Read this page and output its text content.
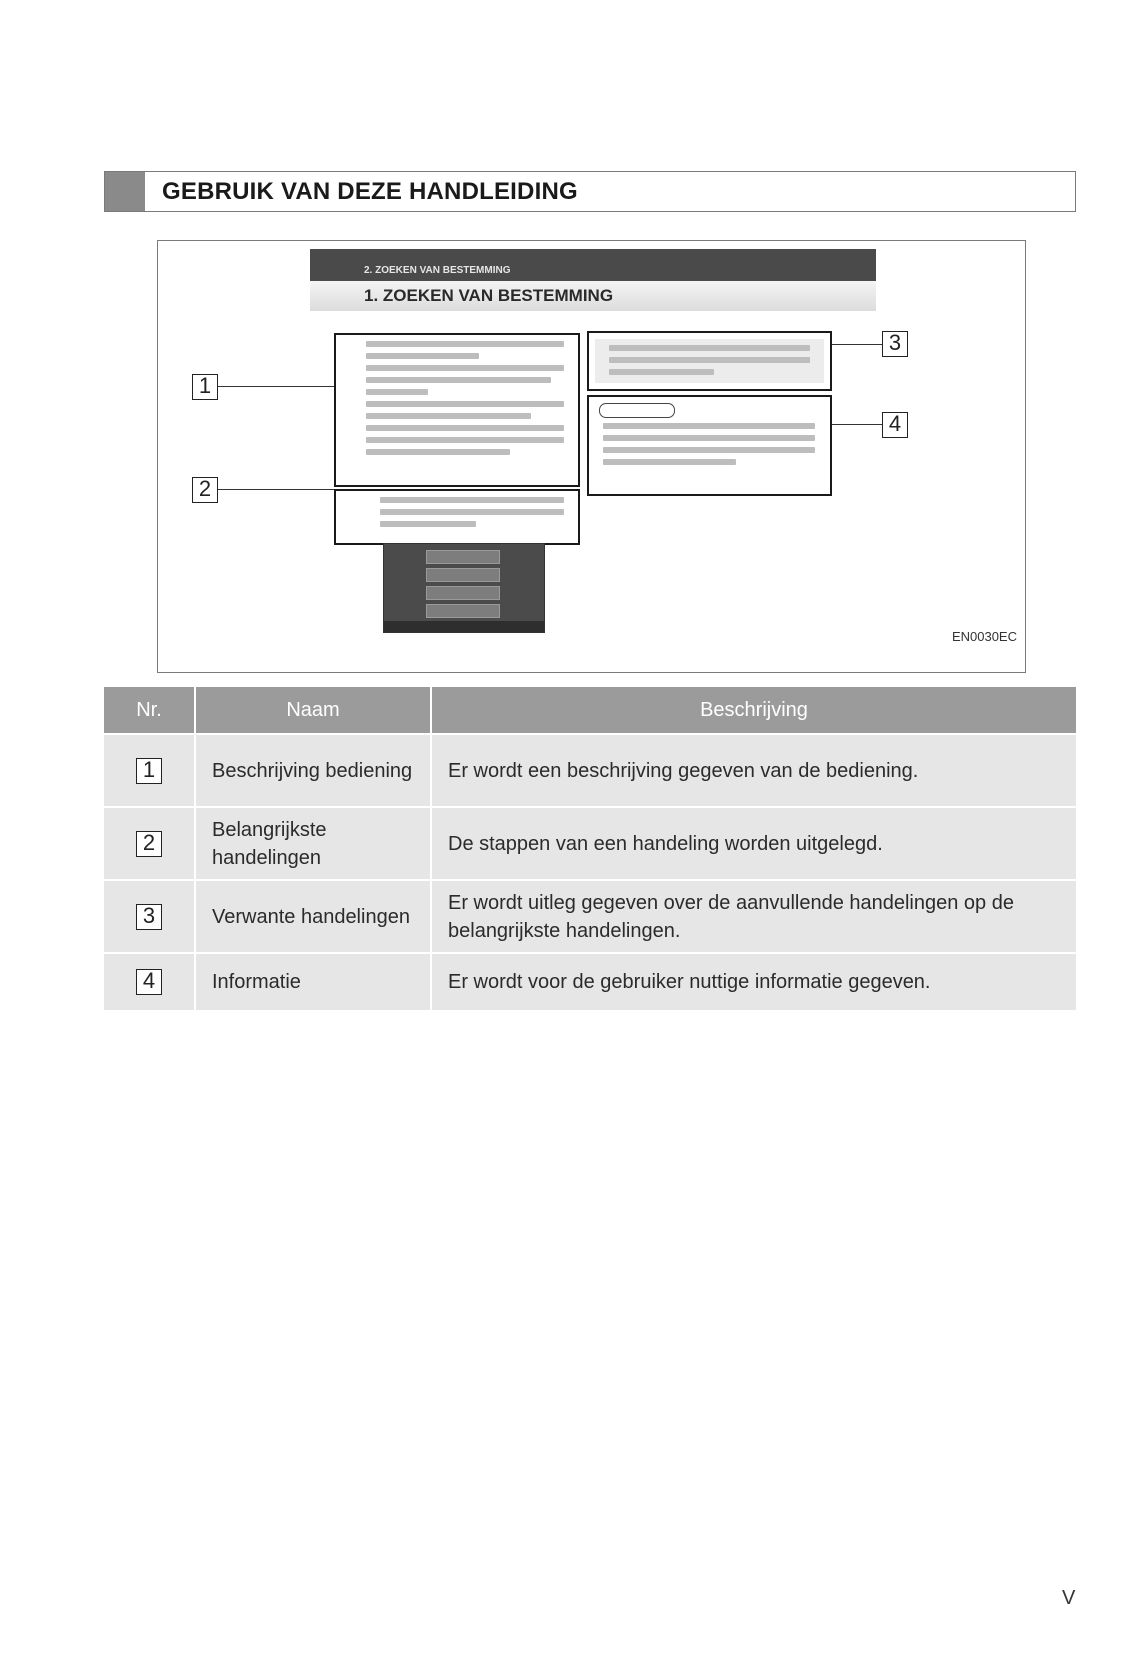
GEBRUIK VAN DEZE HANDLEIDING
2. ZOEKEN VAN BESTEMMING
1. ZOEKEN VAN BESTEMMING
1
2
3
4
EN0030EC
Nr.	Naam	Beschrijving
1	Beschrijving bediening	Er wordt een beschrijving gegeven van de bediening.
2	Belangrijkste handelingen	De stappen van een handeling worden uitgelegd.
3	Verwante handelingen	Er wordt uitleg gegeven over de aanvullende handelingen op de belangrijkste handelingen.
4	Informatie	Er wordt voor de gebruiker nuttige informatie gegeven.
V
